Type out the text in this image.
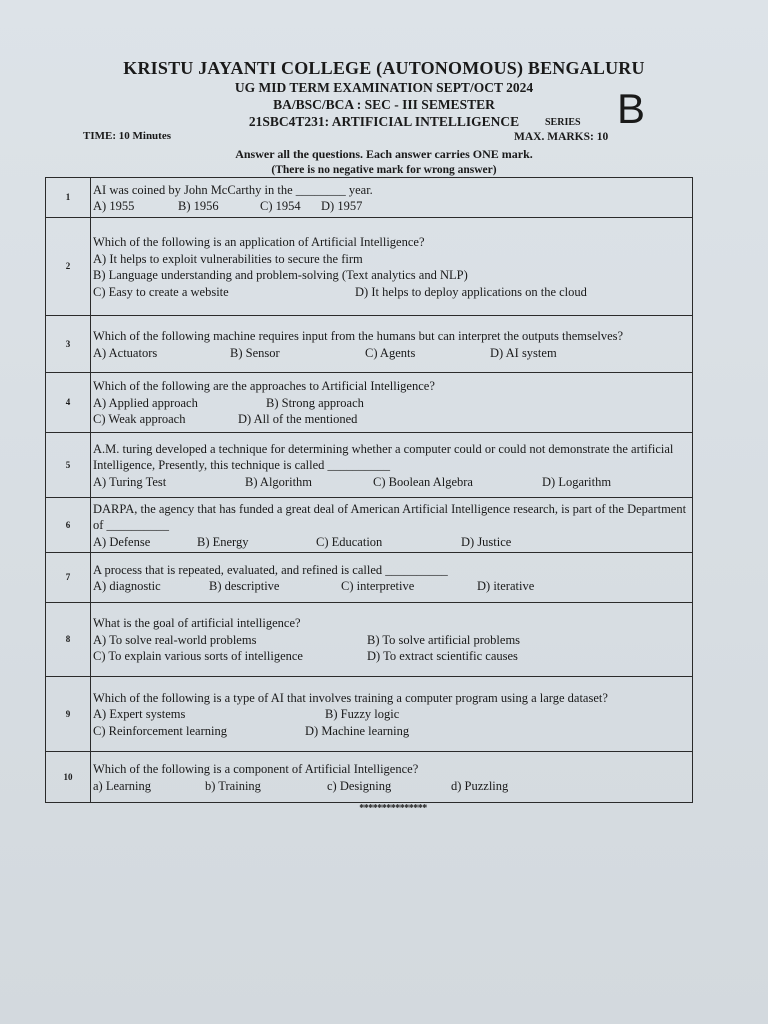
KRISTU JAYANTI COLLEGE (AUTONOMOUS) BENGALURU
UG MID TERM EXAMINATION SEPT/OCT 2024
BA/BSC/BCA : SEC - III SEMESTER
21SBC4T231: ARTIFICIAL INTELLIGENCE	SERIES B
TIME: 10 Minutes	MAX. MARKS: 10
Answer all the questions. Each answer carries ONE mark.
(There is no negative mark for wrong answer)
1	AI was coined by John McCarthy in the ________ year.
A) 1955 B) 1956 C) 1954 D) 1957

2	Which of the following is an application of Artificial Intelligence?
A) It helps to exploit vulnerabilities to secure the firm
B) Language understanding and problem-solving (Text analytics and NLP)
C) Easy to create a website D) It helps to deploy applications on the cloud

3	Which of the following machine requires input from the humans but can interpret the outputs themselves?
A) Actuators B) Sensor C) Agents D) AI system

4	Which of the following are the approaches to Artificial Intelligence?
A) Applied approach B) Strong approach
C) Weak approach D) All of the mentioned

5	A.M. turing developed a technique for determining whether a computer could or could not demonstrate the artificial Intelligence, Presently, this technique is called __________
A) Turing Test B) Algorithm C) Boolean Algebra D) Logarithm

6	DARPA, the agency that has funded a great deal of American Artificial Intelligence research, is part of the Department of __________
A) Defense B) Energy C) Education D) Justice

7	A process that is repeated, evaluated, and refined is called __________
A) diagnostic B) descriptive C) interpretive D) iterative

8	What is the goal of artificial intelligence?
A) To solve real-world problems B) To solve artificial problems
C) To explain various sorts of intelligence D) To extract scientific causes

9	Which of the following is a type of AI that involves training a computer program using a large dataset?
A) Expert systems B) Fuzzy logic
C) Reinforcement learning D) Machine learning

10	Which of the following is a component of Artificial Intelligence?
a) Learning b) Training c) Designing d) Puzzling
***************
